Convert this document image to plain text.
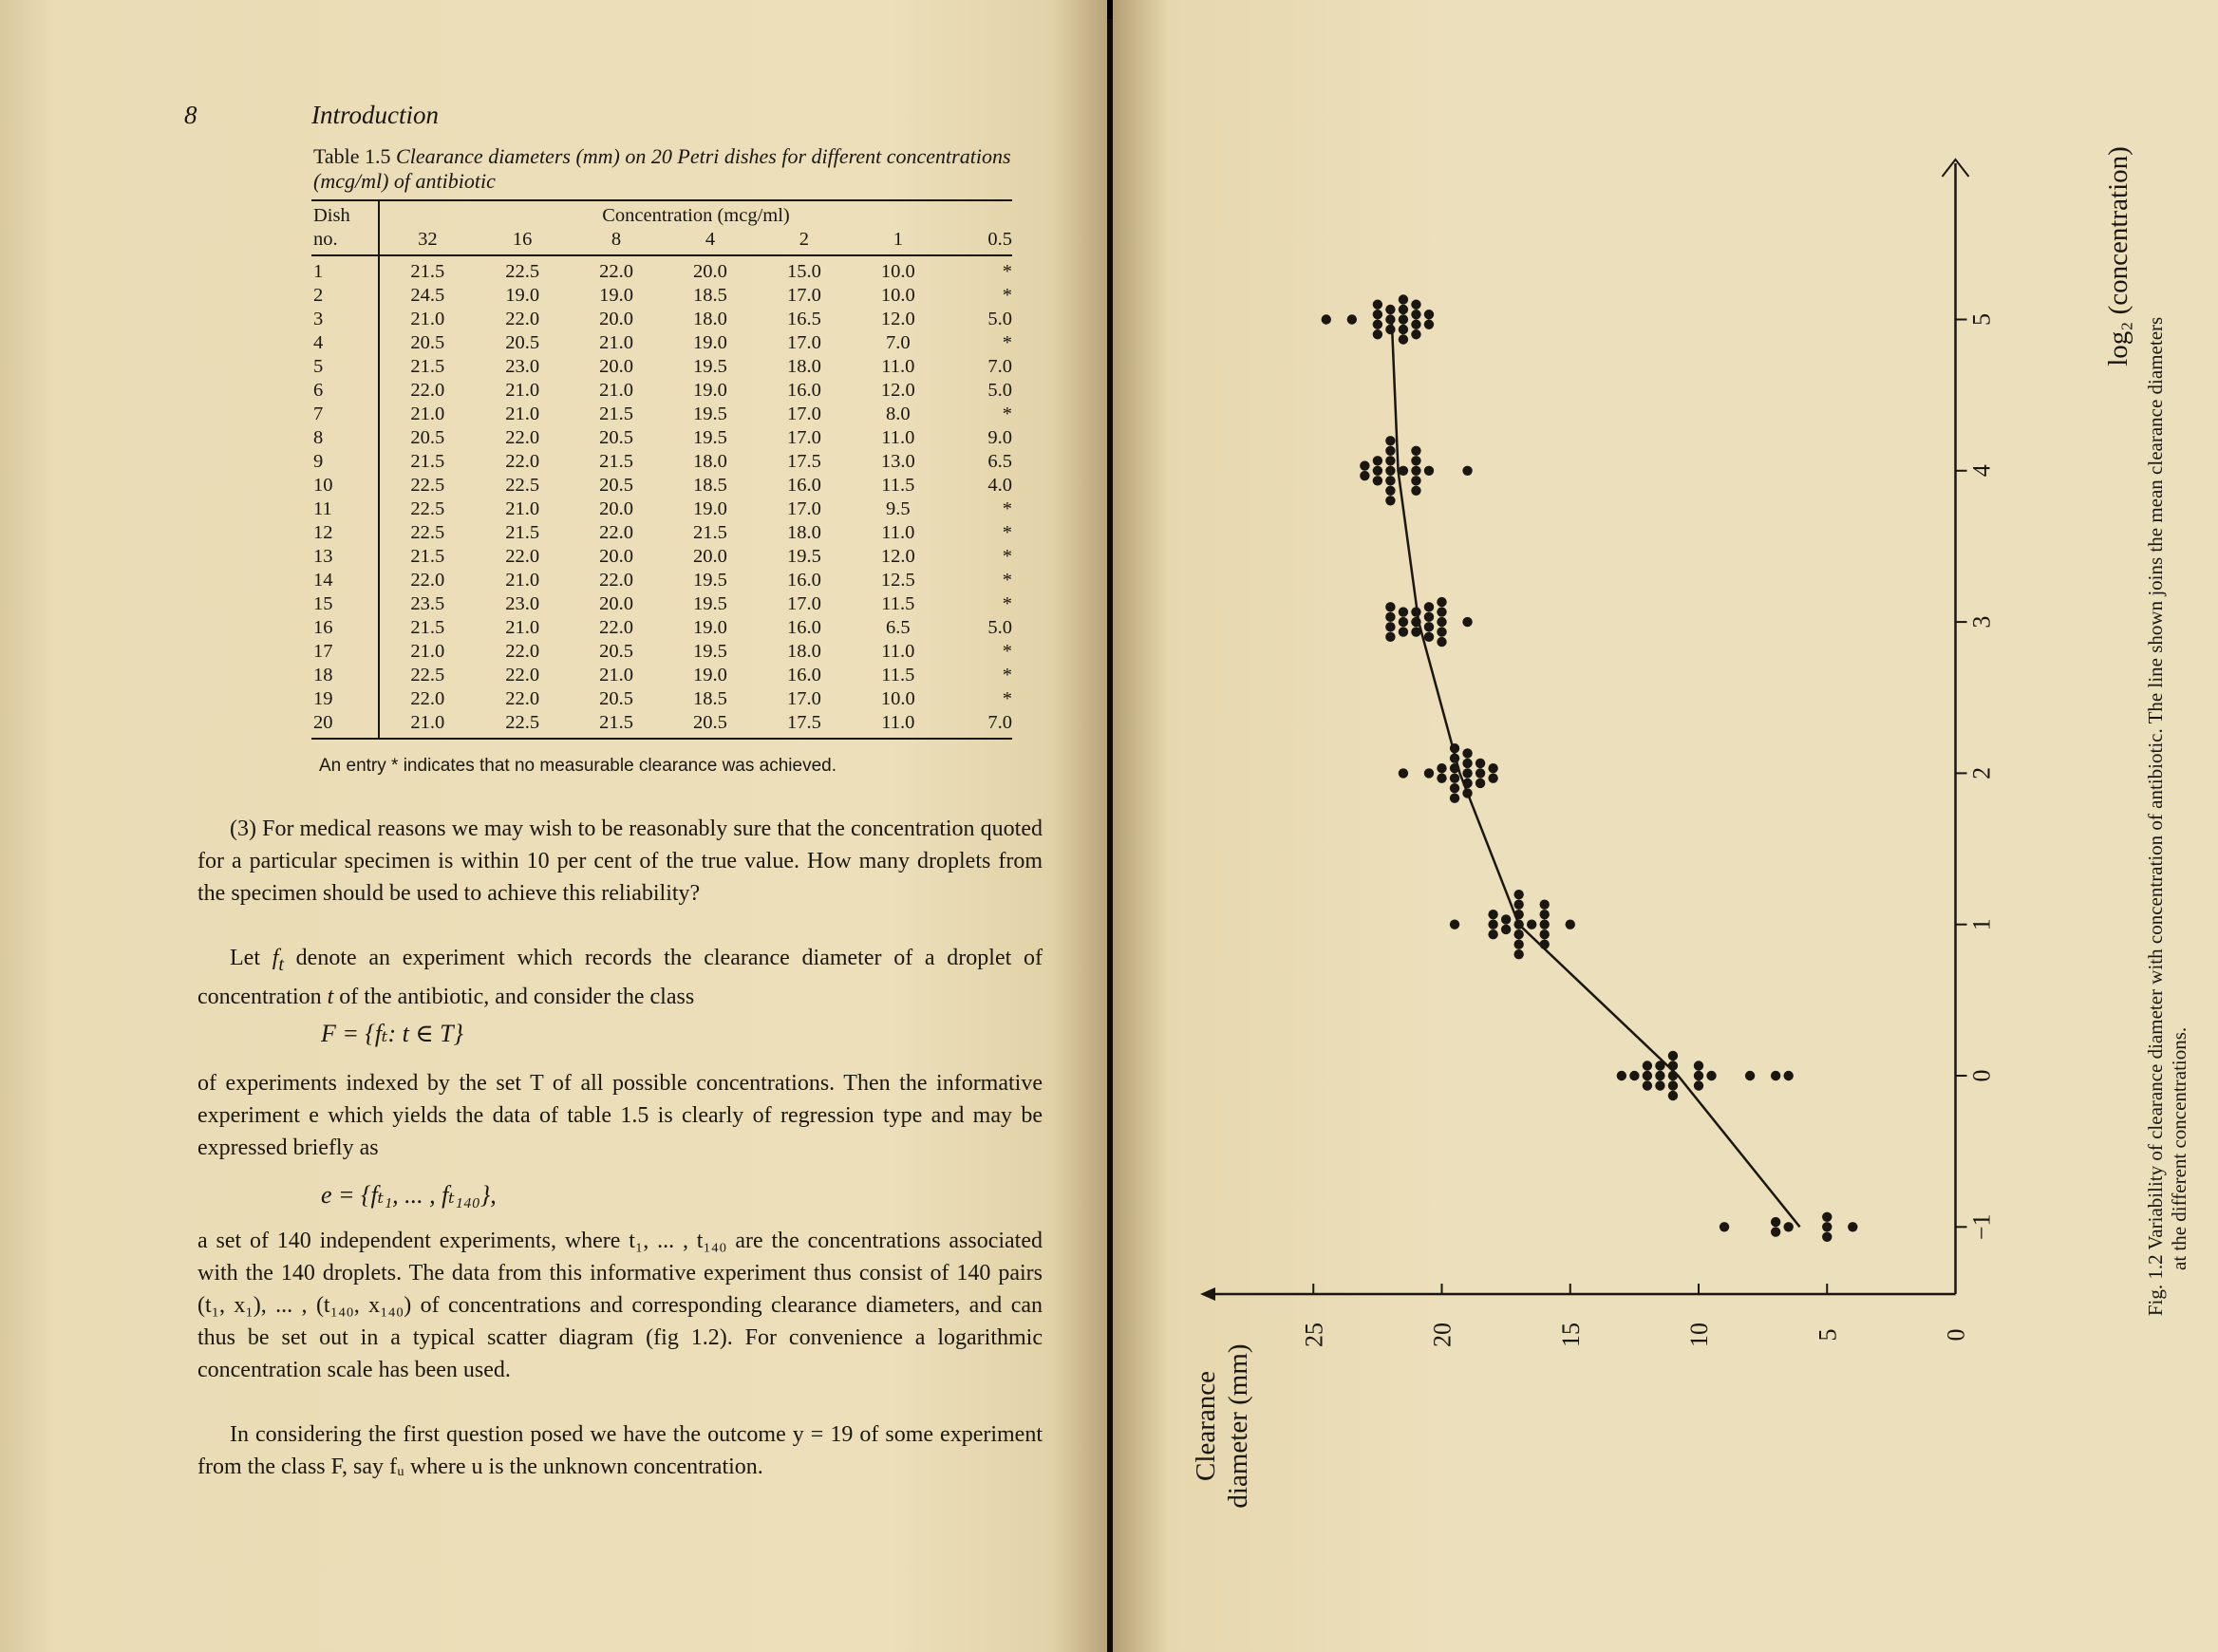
8	Introduction
Table 1.5 Clearance diameters (mm) on 20 Petri dishes for different concentrations (mcg/ml) of antibiotic
Dish	Concentration (mcg/ml)						
no.	32	16	8	4	2	1	0.5
1	21.5	22.5	22.0	20.0	15.0	10.0	*
2	24.5	19.0	19.0	18.5	17.0	10.0	*
3	21.0	22.0	20.0	18.0	16.5	12.0	5.0
4	20.5	20.5	21.0	19.0	17.0	7.0	*
5	21.5	23.0	20.0	19.5	18.0	11.0	7.0
6	22.0	21.0	21.0	19.0	16.0	12.0	5.0
7	21.0	21.0	21.5	19.5	17.0	8.0	*
8	20.5	22.0	20.5	19.5	17.0	11.0	9.0
9	21.5	22.0	21.5	18.0	17.5	13.0	6.5
10	22.5	22.5	20.5	18.5	16.0	11.5	4.0
11	22.5	21.0	20.0	19.0	17.0	9.5	*
12	22.5	21.5	22.0	21.5	18.0	11.0	*
13	21.5	22.0	20.0	20.0	19.5	12.0	*
14	22.0	21.0	22.0	19.5	16.0	12.5	*
15	23.5	23.0	20.0	19.5	17.0	11.5	*
16	21.5	21.0	22.0	19.0	16.0	6.5	5.0
17	21.0	22.0	20.5	19.5	18.0	11.0	*
18	22.5	22.0	21.0	19.0	16.0	11.5	*
19	22.0	22.0	20.5	18.5	17.0	10.0	*
20	21.0	22.5	21.5	20.5	17.5	11.0	7.0
An entry * indicates that no measurable clearance was achieved.
(3) For medical reasons we may wish to be reasonably sure that the concentration quoted for a particular specimen is within 10 per cent of the true value. How many droplets from the specimen should be used to achieve this reliability?
Let $f_t$ denote an experiment which records the clearance diameter of a droplet of concentration t of the antibiotic, and consider the class
F = {fₜ: t ∈ T}
of experiments indexed by the set T of all possible concentrations. Then the informative experiment e which yields the data of table 1.5 is clearly of regression type and may be expressed briefly as
e = {fₜ₁, ... , fₜ₁₄₀},
a set of 140 independent experiments, where t₁, ... , t₁₄₀ are the concentrations associated with the 140 droplets. The data from this informative experiment thus consist of 140 pairs (t₁, x₁), ... , (t₁₄₀, x₁₄₀) of concentrations and corresponding clearance diameters, and can thus be set out in a typical scatter diagram (fig 1.2). For convenience a logarithmic concentration scale has been used.
In considering the first question posed we have the outcome y = 19 of some experiment from the class F, say fᵤ where u is the unknown concentration.
0
5
10
15
20
25
−1
0
1
2
3
4
5	log₂ (concentration)
Clearance diameter (mm)
Fig. 1.2 Variability of clearance diameter with concentration of antibiotic. The line shown joins the mean clearance diameters at the different concentrations.
